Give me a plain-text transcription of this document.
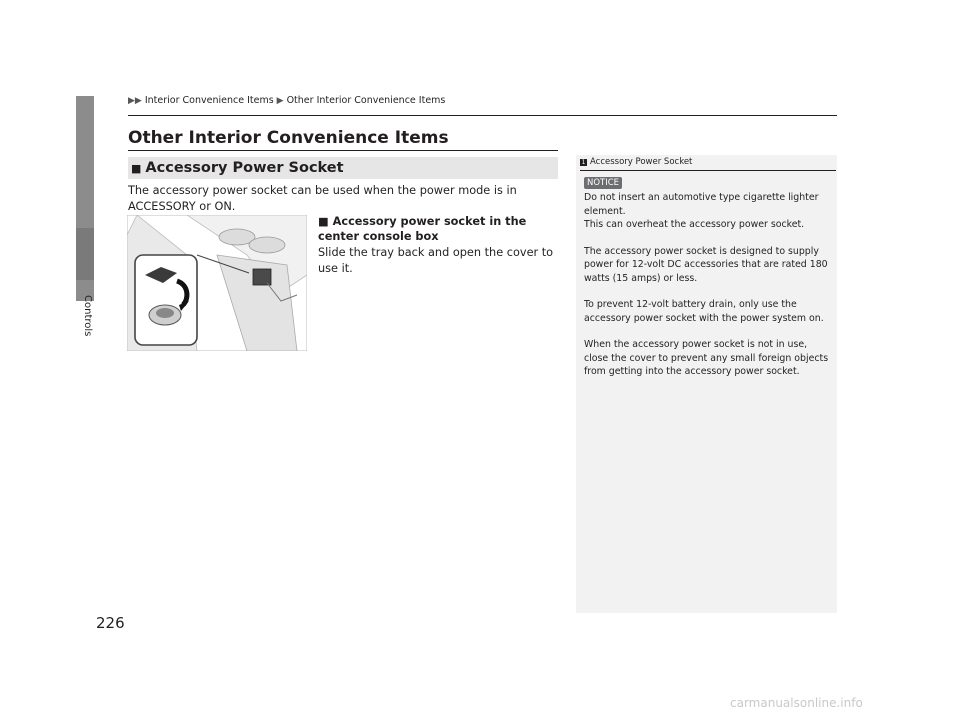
Controls
▶▶ Interior Convenience Items ▶ Other Interior Convenience Items
Other Interior Convenience Items
■ Accessory Power Socket
The accessory power socket can be used when the power mode is in ACCESSORY or ON.
■ Accessory power socket in the center console box
Slide the tray back and open the cover to use it.
1 Accessory Power Socket
NOTICE

Do not insert an automotive type cigarette lighter element.
This can overheat the accessory power socket.

The accessory power socket is designed to supply power for 12-volt DC accessories that are rated 180 watts (15 amps) or less.

To prevent 12-volt battery drain, only use the accessory power socket with the power system on.

When the accessory power socket is not in use, close the cover to prevent any small foreign objects from getting into the accessory power socket.

226
carmanualsonline.info
